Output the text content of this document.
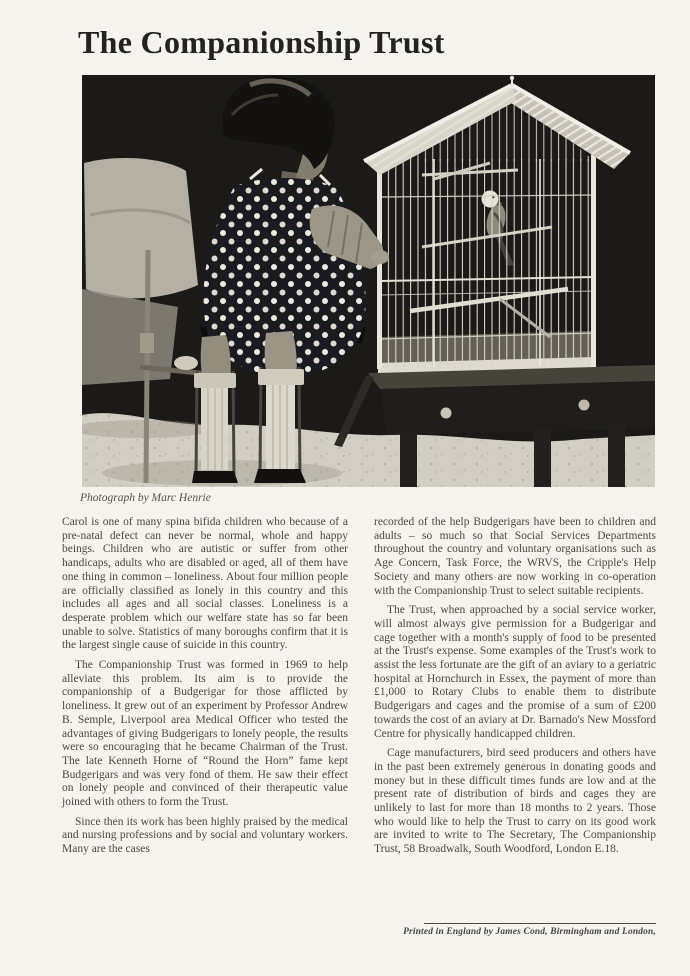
The Companionship Trust
Photograph by Marc Henrie

Carol is one of many spina bifida children who because of a pre-natal defect can never be normal, whole and happy beings. Children who are autistic or suffer from other handicaps, adults who are disabled or aged, all of them have one thing in common – loneliness. About four million people are officially classified as lonely in this country and this includes all ages and all social classes. Loneliness is a desperate problem which our welfare state has so far been unable to solve. Statistics of many boroughs confirm that it is the largest single cause of suicide in this country.

The Companionship Trust was formed in 1969 to help alleviate this problem. Its aim is to provide the companionship of a Budgerigar for those afflicted by loneliness. It grew out of an experiment by Professor Andrew B. Semple, Liverpool area Medical Officer who tested the advantages of giving Budgerigars to lonely people, the results were so encouraging that he became Chairman of the Trust. The late Kenneth Horne of “Round the Horn” fame kept Budgerigars and was very fond of them. He saw their effect on lonely people and convinced of their therapeutic value joined with others to form the Trust.

Since then its work has been highly praised by the medical and nursing professions and by social and voluntary workers. Many are the cases

recorded of the help Budgerigars have been to children and adults – so much so that Social Services Departments throughout the country and voluntary organisations such as Age Concern, Task Force, the WRVS, the Cripple's Help Society and many others are now working in co-operation with the Companionship Trust to select suitable recipients.

The Trust, when approached by a social service worker, will almost always give permission for a Budgerigar and cage together with a month's supply of food to be presented at the Trust's expense. Some examples of the Trust's work to assist the less fortunate are the gift of an aviary to a geriatric hospital at Hornchurch in Essex, the payment of more than £1,000 to Rotary Clubs to enable them to distribute Budgerigars and cages and the promise of a sum of £200 towards the cost of an aviary at Dr. Barnado's New Mossford Centre for physically handicapped children.

Cage manufacturers, bird seed producers and others have in the past been extremely generous in donating goods and money but in these difficult times funds are low and at the present rate of distribution of birds and cages they are unlikely to last for more than 18 months to 2 years. Those who would like to help the Trust to carry on its good work are invited to write to The Secretary, The Companionship Trust, 58 Broadwalk, South Woodford, London E.18.

Printed in England by James Cond, Birmingham and London,
